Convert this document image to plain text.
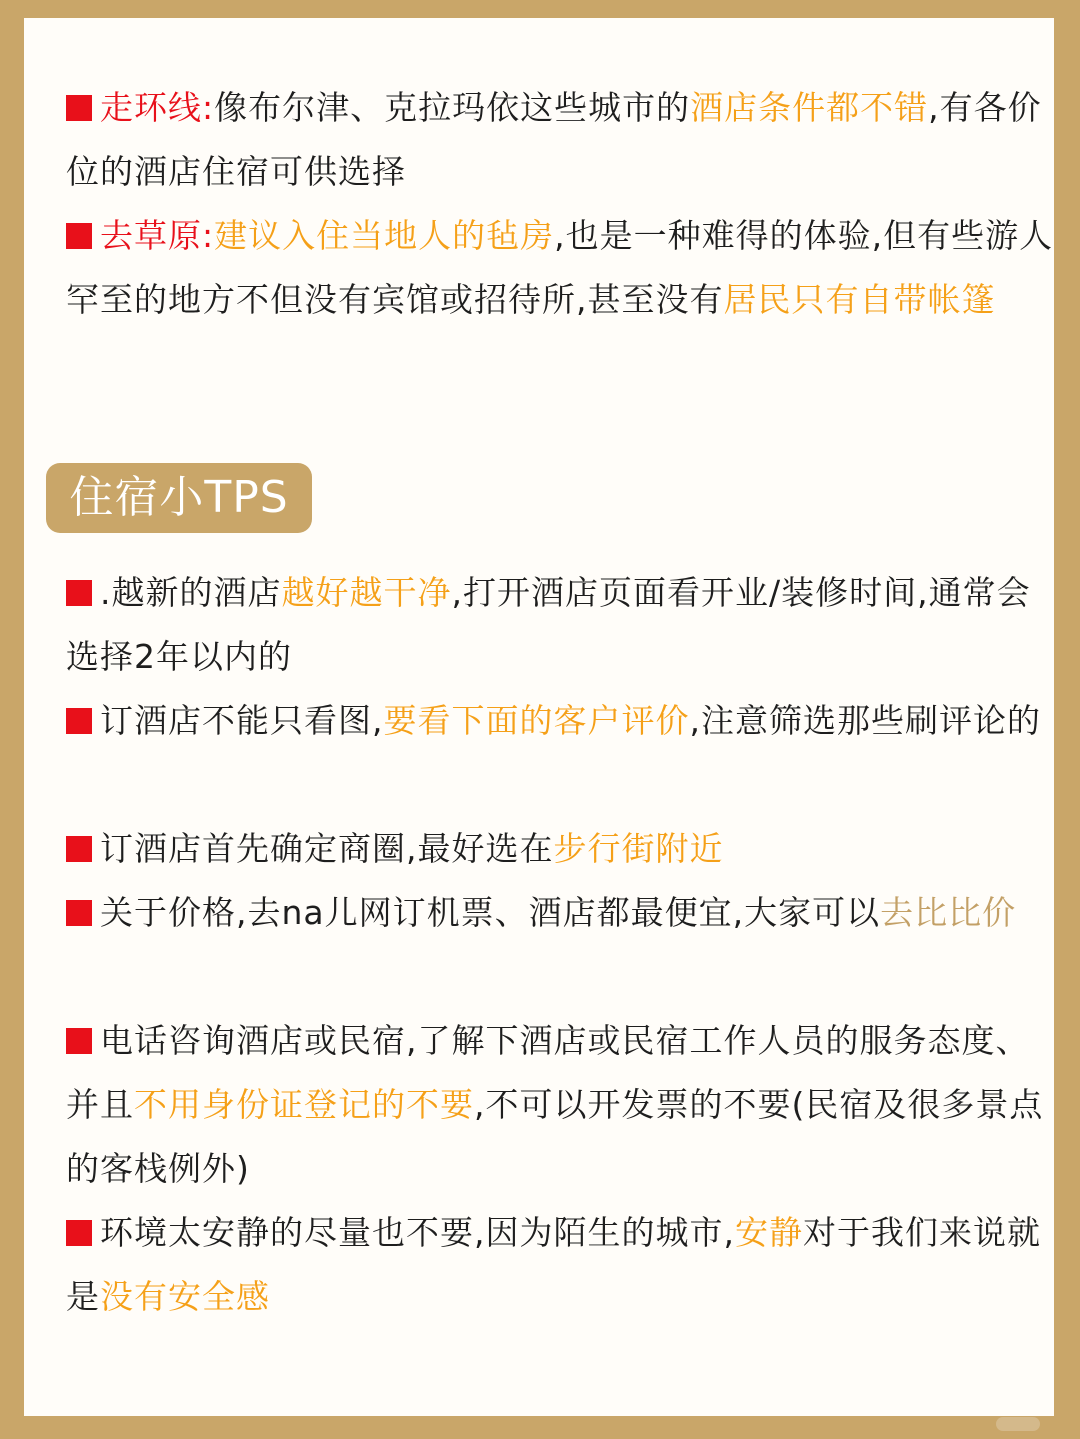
走环线:像布尔津、克拉玛依这些城市的酒店条件都不错,有各价位的酒店住宿可供选择

去草原:建议入住当地人的毡房,也是一种难得的体验,但有些游人罕至的地方不但没有宾馆或招待所,甚至没有居民只有自带帐篷

住宿小TPS

.越新的酒店越好越干净,打开酒店页面看开业/装修时间,通常会选择2年以内的

订酒店不能只看图,要看下面的客户评价,注意筛选那些刷评论的

订酒店首先确定商圈,最好选在步行街附近

关于价格,去na儿网订机票、酒店都最便宜,大家可以去比比价

电话咨询酒店或民宿,了解下酒店或民宿工作人员的服务态度、并且不用身份证登记的不要,不可以开发票的不要(民宿及很多景点的客栈例外)

环境太安静的尽量也不要,因为陌生的城市,安静对于我们来说就是没有安全感
